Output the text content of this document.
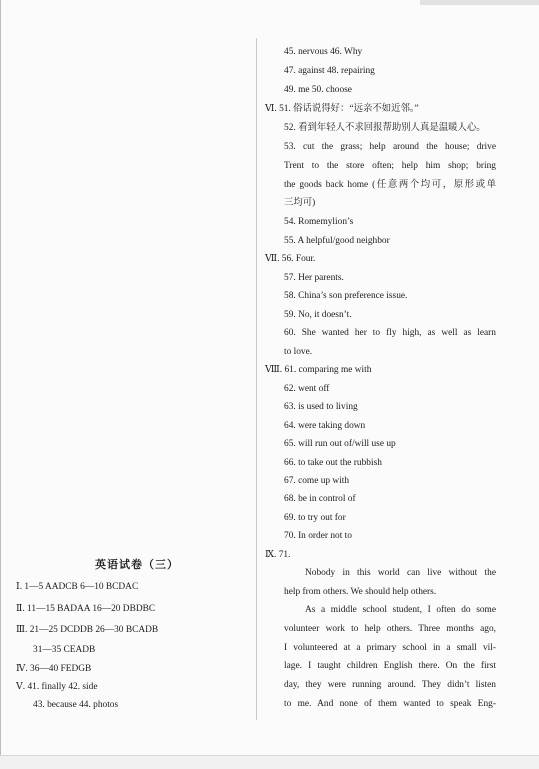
45. nervous 46. Why
47. against 48. repairing
49. me 50. choose
Ⅵ. 51. 俗话说得好：“远亲不如近邻。”
52. 看到年轻人不求回报帮助别人真是温暖人心。
53. cut the grass; help around the house; drive
Trent to the store often; help him shop; bring
the goods back home (任意两个均可，原形或单
三均可)
54. Romemylion’s
55. A helpful/good neighbor
Ⅶ. 56. Four.
57. Her parents.
58. China’s son preference issue.
59. No, it doesn’t.
60. She wanted her to fly high, as well as learn
to love.
Ⅷ. 61. comparing me with
62. went off
63. is used to living
64. were taking down
65. will run out of/will use up
66. to take out the rubbish
67. come up with
68. be in control of
69. to try out for
70. In order not to
Ⅸ. 71.
Nobody in this world can live without the
help from others. We should help others.
As a middle school student, I often do some
volunteer work to help others. Three months ago,
I volunteered at a primary school in a small vil-
lage. I taught children English there. On the first
day, they were running around. They didn’t listen
to me. And none of them wanted to speak Eng-
英语试卷（三）
Ⅰ. 1—5 AADCB 6—10 BCDAC
Ⅱ. 11—15 BADAA 16—20 DBDBC
Ⅲ. 21—25 DCDDB 26—30 BCADB
31—35 CEADB
Ⅳ. 36—40 FEDGB
Ⅴ. 41. finally 42. side
43. because 44. photos
